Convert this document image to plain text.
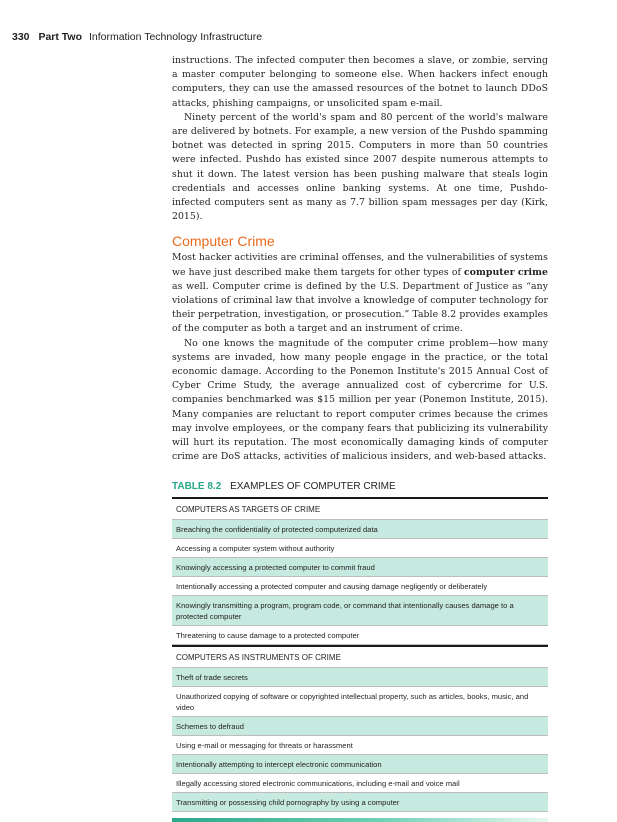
330 Part Two Information Technology Infrastructure

instructions. The infected computer then becomes a slave, or zombie, serving a master computer belonging to someone else. When hackers infect enough computers, they can use the amassed resources of the botnet to launch DDoS attacks, phishing campaigns, or unsolicited spam e-mail.

Ninety percent of the world's spam and 80 percent of the world's malware are delivered by botnets. For example, a new version of the Pushdo spamming botnet was detected in spring 2015. Computers in more than 50 countries were infected. Pushdo has existed since 2007 despite numerous attempts to shut it down. The latest version has been pushing malware that steals login credentials and accesses online banking systems. At one time, Pushdo-infected computers sent as many as 7.7 billion spam messages per day (Kirk, 2015).

Computer Crime

Most hacker activities are criminal offenses, and the vulnerabilities of systems we have just described make them targets for other types of computer crime as well. Computer crime is defined by the U.S. Department of Justice as “any violations of criminal law that involve a knowledge of computer technology for their perpetration, investigation, or prosecution.” Table 8.2 provides examples of the computer as both a target and an instrument of crime.

No one knows the magnitude of the computer crime problem—how many systems are invaded, how many people engage in the practice, or the total economic damage. According to the Ponemon Institute's 2015 Annual Cost of Cyber Crime Study, the average annualized cost of cybercrime for U.S. companies benchmarked was $15 million per year (Ponemon Institute, 2015). Many companies are reluctant to report computer crimes because the crimes may involve employees, or the company fears that publicizing its vulnerability will hurt its reputation. The most economically damaging kinds of computer crime are DoS attacks, activities of malicious insiders, and web-based attacks.

TABLE 8.2 EXAMPLES OF COMPUTER CRIME
COMPUTERS AS TARGETS OF CRIME
Breaching the confidentiality of protected computerized data
Accessing a computer system without authority
Knowingly accessing a protected computer to commit fraud
Intentionally accessing a protected computer and causing damage negligently or deliberately
Knowingly transmitting a program, program code, or command that intentionally causes damage to a protected computer
Threatening to cause damage to a protected computer
COMPUTERS AS INSTRUMENTS OF CRIME
Theft of trade secrets
Unauthorized copying of software or copyrighted intellectual property, such as articles, books, music, and video
Schemes to defraud
Using e-mail or messaging for threats or harassment
Intentionally attempting to intercept electronic communication
Illegally accessing stored electronic communications, including e-mail and voice mail
Transmitting or possessing child pornography by using a computer
